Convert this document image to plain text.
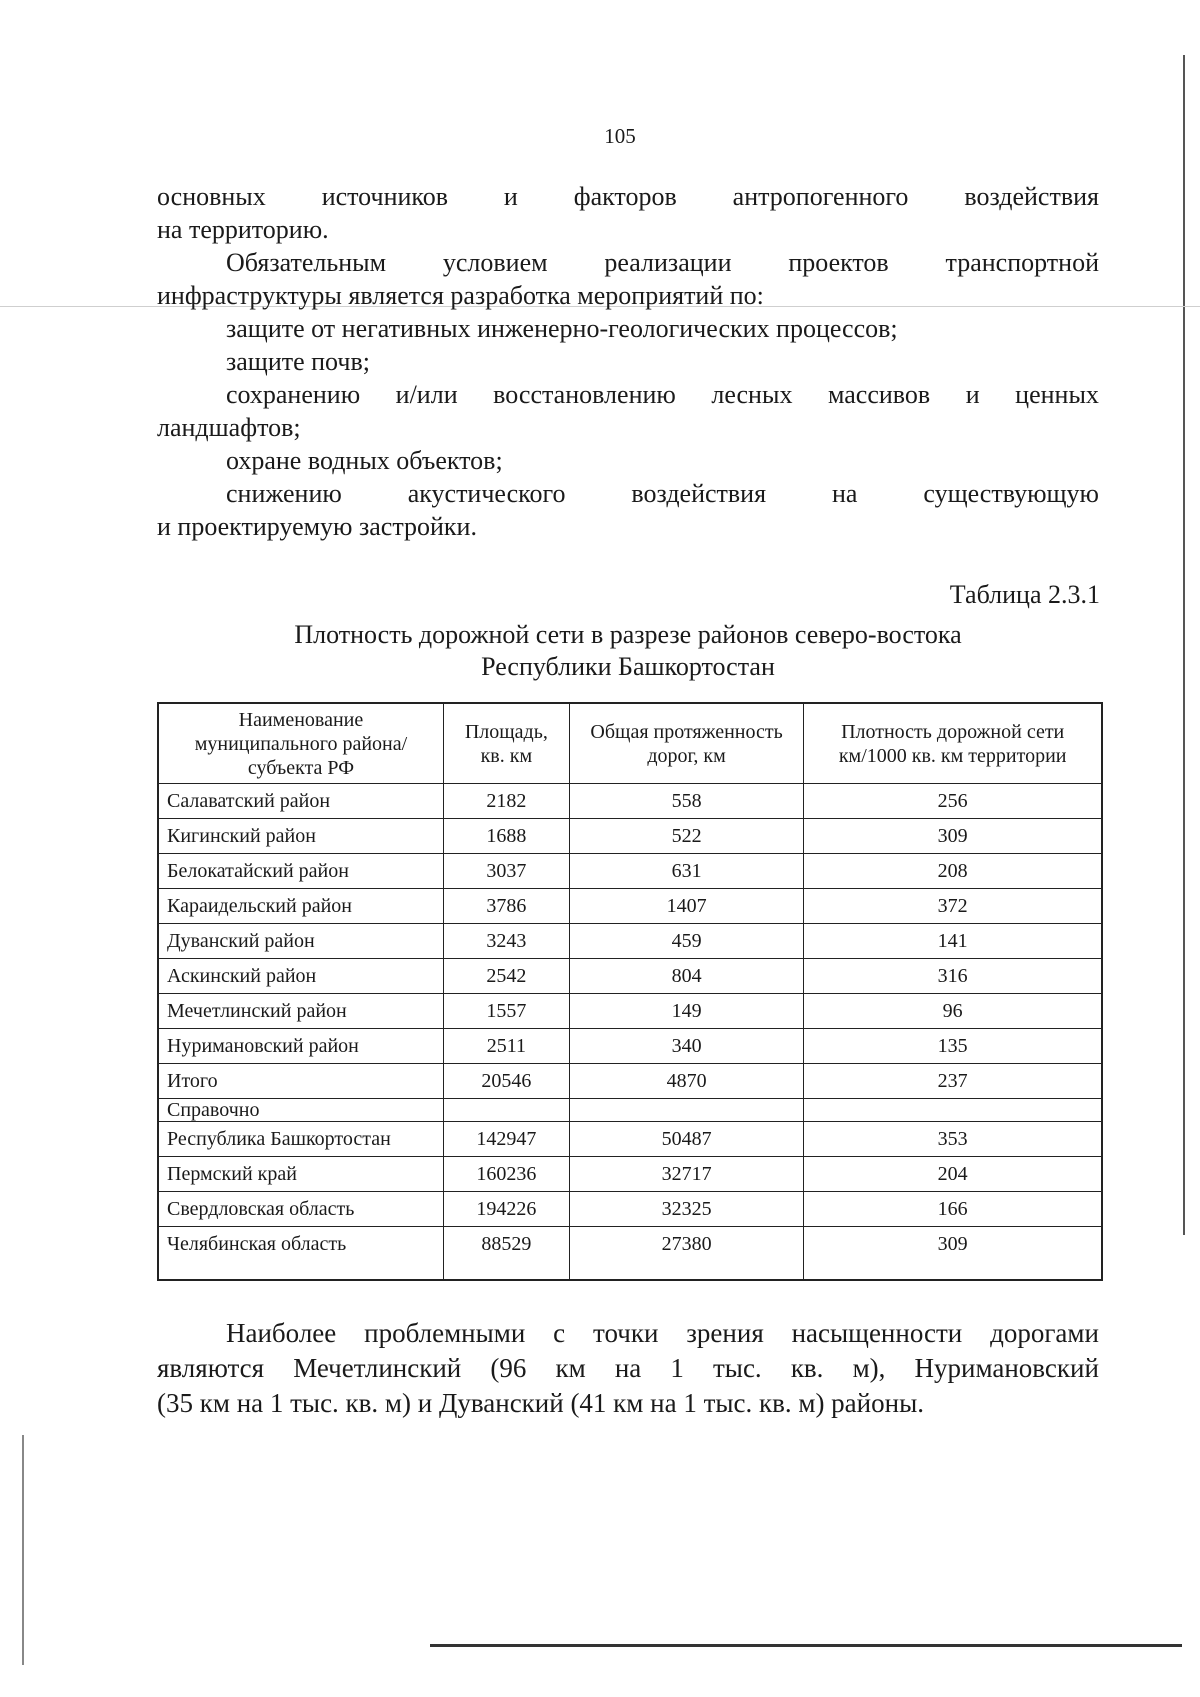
105
основных источников и факторов антропогенного воздействия
на территорию.
Обязательным условием реализации проектов транспортной
инфраструктуры является разработка мероприятий по:
защите от негативных инженерно-геологических процессов;
защите почв;
сохранению и/или восстановлению лесных массивов и ценных
ландшафтов;
охране водных объектов;
снижению	акустического	воздействия	на	существующую
и проектируемую застройки.
Таблица 2.3.1
Плотность дорожной сети в разрезе районов северо-востока
Республики Башкортостан
Наименование муниципального района/ субъекта РФ	Площадь, кв. км	Общая протяженность дорог, км	Плотность дорожной сети км/1000 кв. км территории
Салаватский район	2182	558	256
Кигинский район	1688	522	309
Белокатайский район	3037	631	208
Караидельский район	3786	1407	372
Дуванский район	3243	459	141
Аскинский район	2542	804	316
Мечетлинский район	1557	149	96
Нуримановский район	2511	340	135
Итого	20546	4870	237
Справочно			
Республика Башкортостан	142947	50487	353
Пермский край	160236	32717	204
Свердловская область	194226	32325	166
Челябинская область	88529	27380	309
Наиболее проблемными с точки зрения насыщенности дорогами
являются Мечетлинский (96 км на 1 тыс. кв. м), Нуримановский
(35 км на 1 тыс. кв. м) и Дуванский (41 км на 1 тыс. кв. м) районы.
